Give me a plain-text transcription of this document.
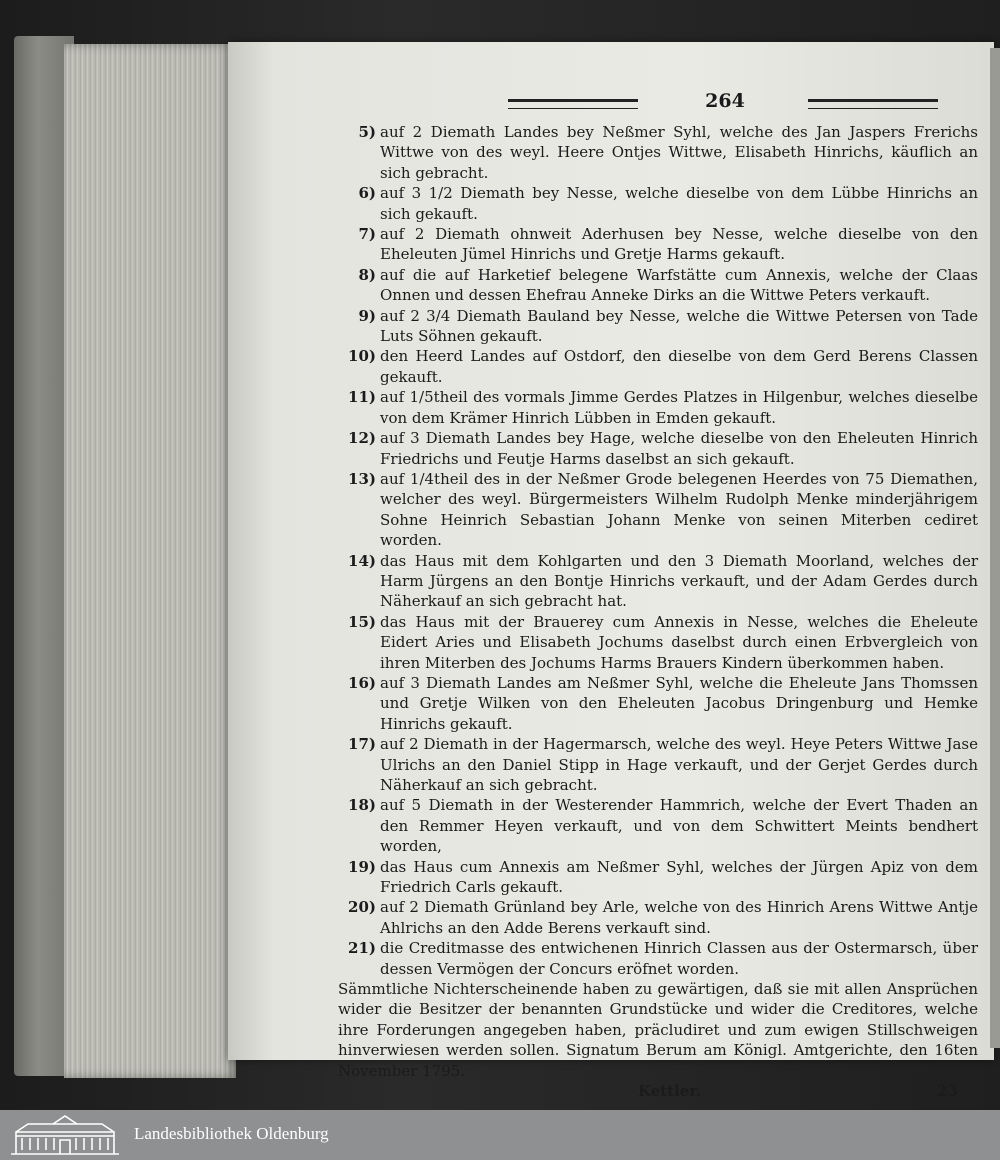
264
5) auf 2 Diemath Landes bey Neßmer Syhl, welche des Jan Jaspers Frerichs Wittwe von des weyl. Heere Ontjes Wittwe, Elisabeth Hinrichs, käuflich an sich gebracht.
6) auf 3 1/2 Diemath bey Nesse, welche dieselbe von dem Lübbe Hinrichs an sich gekauft.
7) auf 2 Diemath ohnweit Aderhusen bey Nesse, welche dieselbe von den Eheleuten Jümel Hinrichs und Gretje Harms gekauft.
8) auf die auf Harketief belegene Warfstätte cum Annexis, welche der Claas Onnen und dessen Ehefrau Anneke Dirks an die Wittwe Peters verkauft.
9) auf 2 3/4 Diemath Bauland bey Nesse, welche die Wittwe Petersen von Tade Luts Söhnen gekauft.
10) den Heerd Landes auf Ostdorf, den dieselbe von dem Gerd Berens Classen gekauft.
11) auf 1/5theil des vormals Jimme Gerdes Platzes in Hilgenbur, welches dieselbe von dem Krämer Hinrich Lübben in Emden gekauft.
12) auf 3 Diemath Landes bey Hage, welche dieselbe von den Eheleuten Hinrich Friedrichs und Feutje Harms daselbst an sich gekauft.
13) auf 1/4theil des in der Neßmer Grode belegenen Heerdes von 75 Diemathen, welcher des weyl. Bürgermeisters Wilhelm Rudolph Menke minderjährigem Sohne Heinrich Sebastian Johann Menke von seinen Miterben cediret worden.
14) das Haus mit dem Kohlgarten und den 3 Diemath Moorland, welches der Harm Jürgens an den Bontje Hinrichs verkauft, und der Adam Gerdes durch Näherkauf an sich gebracht hat.
15) das Haus mit der Brauerey cum Annexis in Nesse, welches die Eheleute Eidert Aries und Elisabeth Jochums daselbst durch einen Erbvergleich von ihren Miterben des Jochums Harms Brauers Kindern überkommen haben.
16) auf 3 Diemath Landes am Neßmer Syhl, welche die Eheleute Jans Thomssen und Gretje Wilken von den Eheleuten Jacobus Dringenburg und Hemke Hinrichs gekauft.
17) auf 2 Diemath in der Hagermarsch, welche des weyl. Heye Peters Wittwe Jase Ulrichs an den Daniel Stipp in Hage verkauft, und der Gerjet Gerdes durch Näherkauf an sich gebracht.
18) auf 5 Diemath in der Westerender Hammrich, welche der Evert Thaden an den Remmer Heyen verkauft, und von dem Schwittert Meints bendhert worden,
19) das Haus cum Annexis am Neßmer Syhl, welches der Jürgen Apiz von dem Friedrich Carls gekauft.
20) auf 2 Diemath Grünland bey Arle, welche von des Hinrich Arens Wittwe Antje Ahlrichs an den Adde Berens verkauft sind.
21) die Creditmasse des entwichenen Hinrich Classen aus der Ostermarsch, über dessen Vermögen der Concurs eröfnet worden.
Sämmtliche Nichterscheinende haben zu gewärtigen, daß sie mit allen Ansprüchen wider die Besitzer der benannten Grundstücke und wider die Creditores, welche ihre Forderungen angegeben haben, präcludiret und zum ewigen Stillschweigen hinverwiesen werden sollen. Signatum Berum am Königl. Amtgerichte, den 16ten November 1795.
Kettler.	23
Landesbibliothek Oldenburg
